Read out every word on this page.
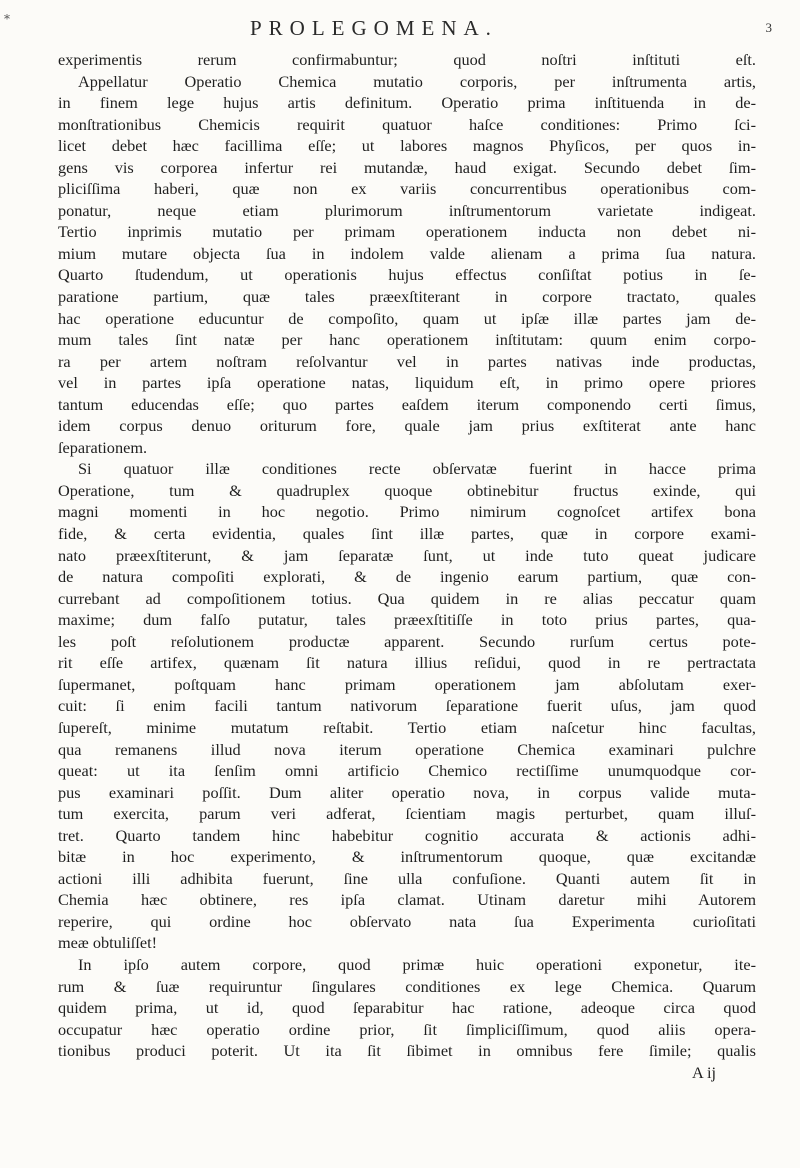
*	PROLEGOMENA.	3
experimentis rerum confirmabuntur; quod noſtri inſtituti eſt.
Appellatur Operatio Chemica mutatio corporis, per inſtrumenta artis,
in finem lege hujus artis definitum. Operatio prima inſtituenda in de-
monſtrationibus Chemicis requirit quatuor haſce conditiones: Primo ſci-
licet debet hæc facillima eſſe; ut labores magnos Phyſicos, per quos in-
gens vis corporea infertur rei mutandæ, haud exigat. Secundo debet ſim-
pliciſſima haberi, quæ non ex variis concurrentibus operationibus com-
ponatur, neque etiam plurimorum inſtrumentorum varietate indigeat.
Tertio inprimis mutatio per primam operationem inducta non debet ni-
mium mutare objecta ſua in indolem valde alienam a prima ſua natura.
Quarto ſtudendum, ut operationis hujus effectus conſiſtat potius in ſe-
paratione partium, quæ tales præexſtiterant in corpore tractato, quales
hac operatione educuntur de compoſito, quam ut ipſæ illæ partes jam de-
mum tales ſint natæ per hanc operationem inſtitutam: quum enim corpo-
ra per artem noſtram reſolvantur vel in partes nativas inde productas,
vel in partes ipſa operatione natas, liquidum eſt, in primo opere priores
tantum educendas eſſe; quo partes eaſdem iterum componendo certi ſimus,
idem corpus denuo oriturum fore, quale jam prius exſtiterat ante hanc
ſeparationem.
Si quatuor illæ conditiones recte obſervatæ fuerint in hacce prima
Operatione, tum & quadruplex quoque obtinebitur fructus exinde, qui
magni momenti in hoc negotio. Primo nimirum cognoſcet artifex bona
fide, & certa evidentia, quales ſint illæ partes, quæ in corpore exami-
nato præexſtiterunt, & jam ſeparatæ ſunt, ut inde tuto queat judicare
de natura compoſiti explorati, & de ingenio earum partium, quæ con-
currebant ad compoſitionem totius. Qua quidem in re alias peccatur quam
maxime; dum falſo putatur, tales præexſtitiſſe in toto prius partes, qua-
les poſt reſolutionem productæ apparent. Secundo rurſum certus pote-
rit eſſe artifex, quænam ſit natura illius reſidui, quod in re pertractata
ſupermanet, poſtquam hanc primam operationem jam abſolutam exer-
cuit: ſi enim facili tantum nativorum ſeparatione fuerit uſus, jam quod
ſupereſt, minime mutatum reſtabit. Tertio etiam naſcetur hinc facultas,
qua remanens illud nova iterum operatione Chemica examinari pulchre
queat: ut ita ſenſim omni artificio Chemico rectiſſime unumquodque cor-
pus examinari poſſit. Dum aliter operatio nova, in corpus valide muta-
tum exercita, parum veri adferat, ſcientiam magis perturbet, quam illuſ-
tret. Quarto tandem hinc habebitur cognitio accurata & actionis adhi-
bitæ in hoc experimento, & inſtrumentorum quoque, quæ excitandæ
actioni illi adhibita fuerunt, ſine ulla confuſione. Quanti autem ſit in
Chemia hæc obtinere, res ipſa clamat. Utinam daretur mihi Autorem
reperire, qui ordine hoc obſervato nata ſua Experimenta curioſitati
meæ obtuliſſet!
In ipſo autem corpore, quod primæ huic operationi exponetur, ite-
rum & ſuæ requiruntur ſingulares conditiones ex lege Chemica. Quarum
quidem prima, ut id, quod ſeparabitur hac ratione, adeoque circa quod
occupatur hæc operatio ordine prior, ſit ſimpliciſſimum, quod aliis opera-
tionibus produci poterit. Ut ita ſit ſibimet in omnibus fere ſimile; qualis
A ij
